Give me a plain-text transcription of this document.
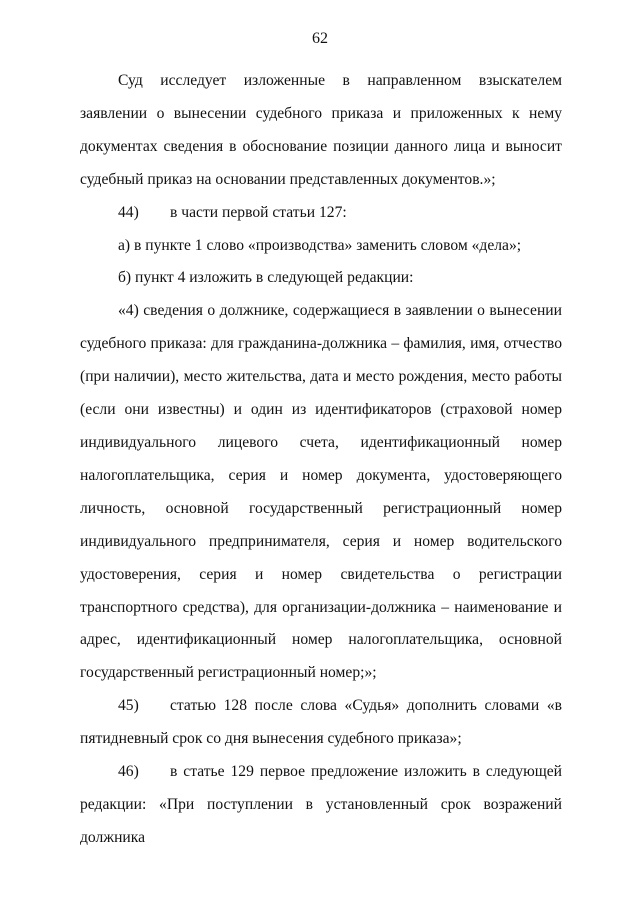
62

Суд исследует изложенные в направленном взыскателем заявлении о вынесении судебного приказа и приложенных к нему документах сведения в обоснование позиции данного лица и выносит судебный приказ на основании представленных документов.»;

44) в части первой статьи 127:

а) в пункте 1 слово «производства» заменить словом «дела»;

б) пункт 4 изложить в следующей редакции:

«4) сведения о должнике, содержащиеся в заявлении о вынесении судебного приказа: для гражданина-должника – фамилия, имя, отчество (при наличии), место жительства, дата и место рождения, место работы (если они известны) и один из идентификаторов (страховой номер индивидуального лицевого счета, идентификационный номер налогоплательщика, серия и номер документа, удостоверяющего личность, основной государственный регистрационный номер индивидуального предпринимателя, серия и номер водительского удостоверения, серия и номер свидетельства о регистрации транспортного средства), для организации-должника – наименование и адрес, идентификационный номер налогоплательщика, основной государственный регистрационный номер;»;

45) статью 128 после слова «Судья» дополнить словами «в пятидневный срок со дня вынесения судебного приказа»;

46) в статье 129 первое предложение изложить в следующей редакции: «При поступлении в установленный срок возражений должника
